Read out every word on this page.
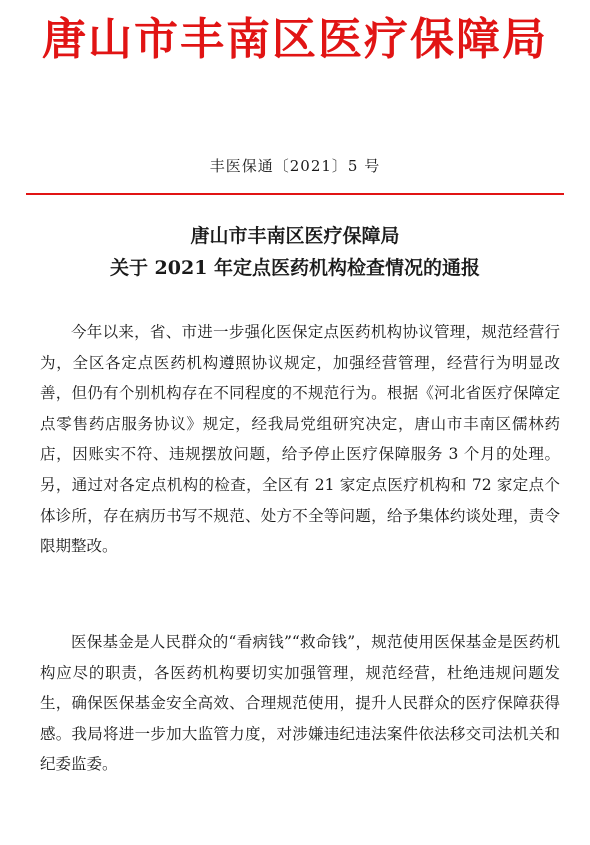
唐山市丰南区医疗保障局
丰医保通〔2021〕5 号
唐山市丰南区医疗保障局
关于 2021 年定点医药机构检查情况的通报

今年以来，省、市进一步强化医保定点医药机构协议管理，规范经营行为，全区各定点医药机构遵照协议规定，加强经营管理，经营行为明显改善，但仍有个别机构存在不同程度的不规范行为。根据《河北省医疗保障定点零售药店服务协议》规定，经我局党组研究决定，唐山市丰南区儒林药店，因账实不符、违规摆放问题，给予停止医疗保障服务 3 个月的处理。另，通过对各定点机构的检查，全区有 21 家定点医疗机构和 72 家定点个体诊所，存在病历书写不规范、处方不全等问题，给予集体约谈处理，责令限期整改。

医保基金是人民群众的“看病钱”“救命钱”，规范使用医保基金是医药机构应尽的职责，各医药机构要切实加强管理，规范经营，杜绝违规问题发生，确保医保基金安全高效、合理规范使用，提升人民群众的医疗保障获得感。我局将进一步加大监管力度，对涉嫌违纪违法案件依法移交司法机关和纪委监委。
